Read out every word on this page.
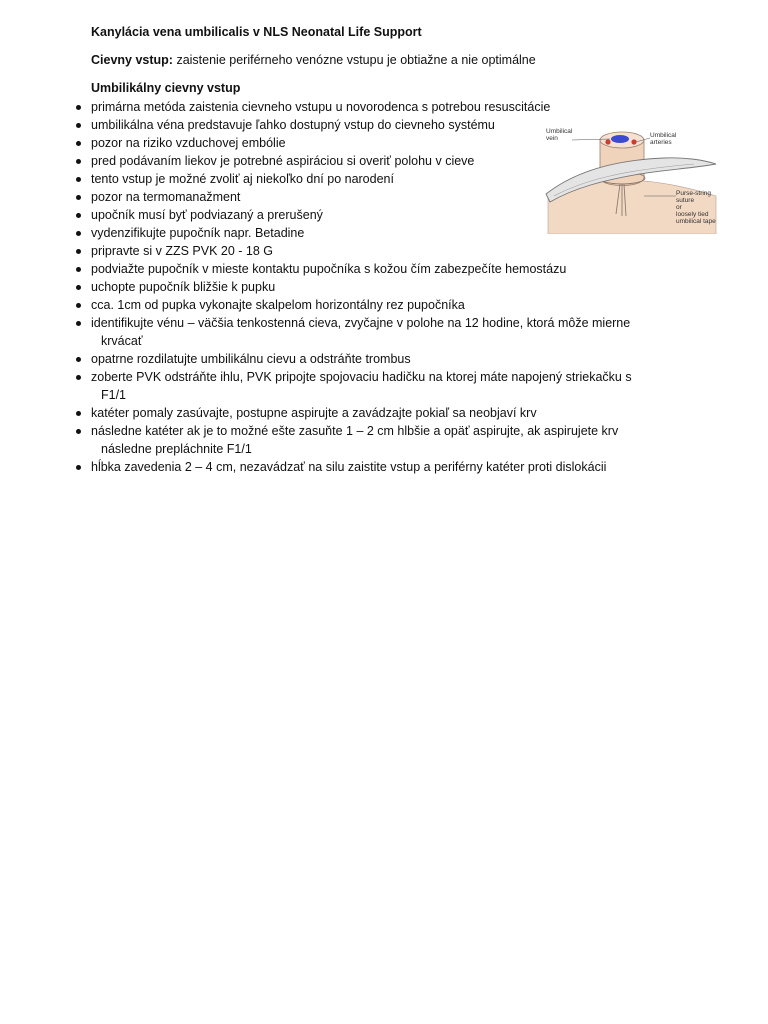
Kanylácia vena umbilicalis v NLS Neonatal Life Support
Cievny vstup: zaistenie periférneho venózne vstupu je obtiažne a nie optimálne
Umbilikálny cievny vstup
primárna metóda zaistenia cievneho vstupu u novorodenca s potrebou resuscitácie
umbilikálna véna predstavuje ľahko dostupný vstup do cievneho systému
pozor na riziko vzduchovej embólie
pred podávaním liekov je potrebné aspiráciou si overiť polohu v cieve
tento vstup je možné zvoliť aj niekoľko dní po narodení
pozor na termomanažment
upočník musí byť podviazaný a prerušený
vydenzifikujte pupočník napr. Betadine
pripravte si v ZZS PVK 20 - 18 G
podviažte pupočník v mieste kontaktu pupočníka s kožou čím zabezpečíte hemostázu
uchopte pupočník bližšie k pupku
cca. 1cm od pupka vykonajte skalpelom horizontálny rez pupočníka
identifikujte vénu – väčšia tenkostenná cieva, zvyčajne v polohe na 12 hodine, ktorá môže mierne
krvácať
opatrne rozdilatujte umbilikálnu cievu a odstráňte trombus
zoberte PVK odstráňte ihlu, PVK pripojte spojovaciu hadičku na ktorej máte napojený striekačku s
F1/1
katéter pomaly zasúvajte, postupne aspirujte a zavádzajte pokiaľ sa neobjaví krv
následne katéter ak je to možné ešte zasuňte 1 – 2 cm hlbšie a opäť aspirujte, ak aspirujete krv
následne prepláchnite F1/1
hĺbka zavedenia 2 – 4 cm, nezavádzať na silu zaistite vstup a periférny katéter proti dislokácii
Umbilical
vein	Umbilical
arteries
Purse-string
suture
or
loosely tied
umbilical tape
